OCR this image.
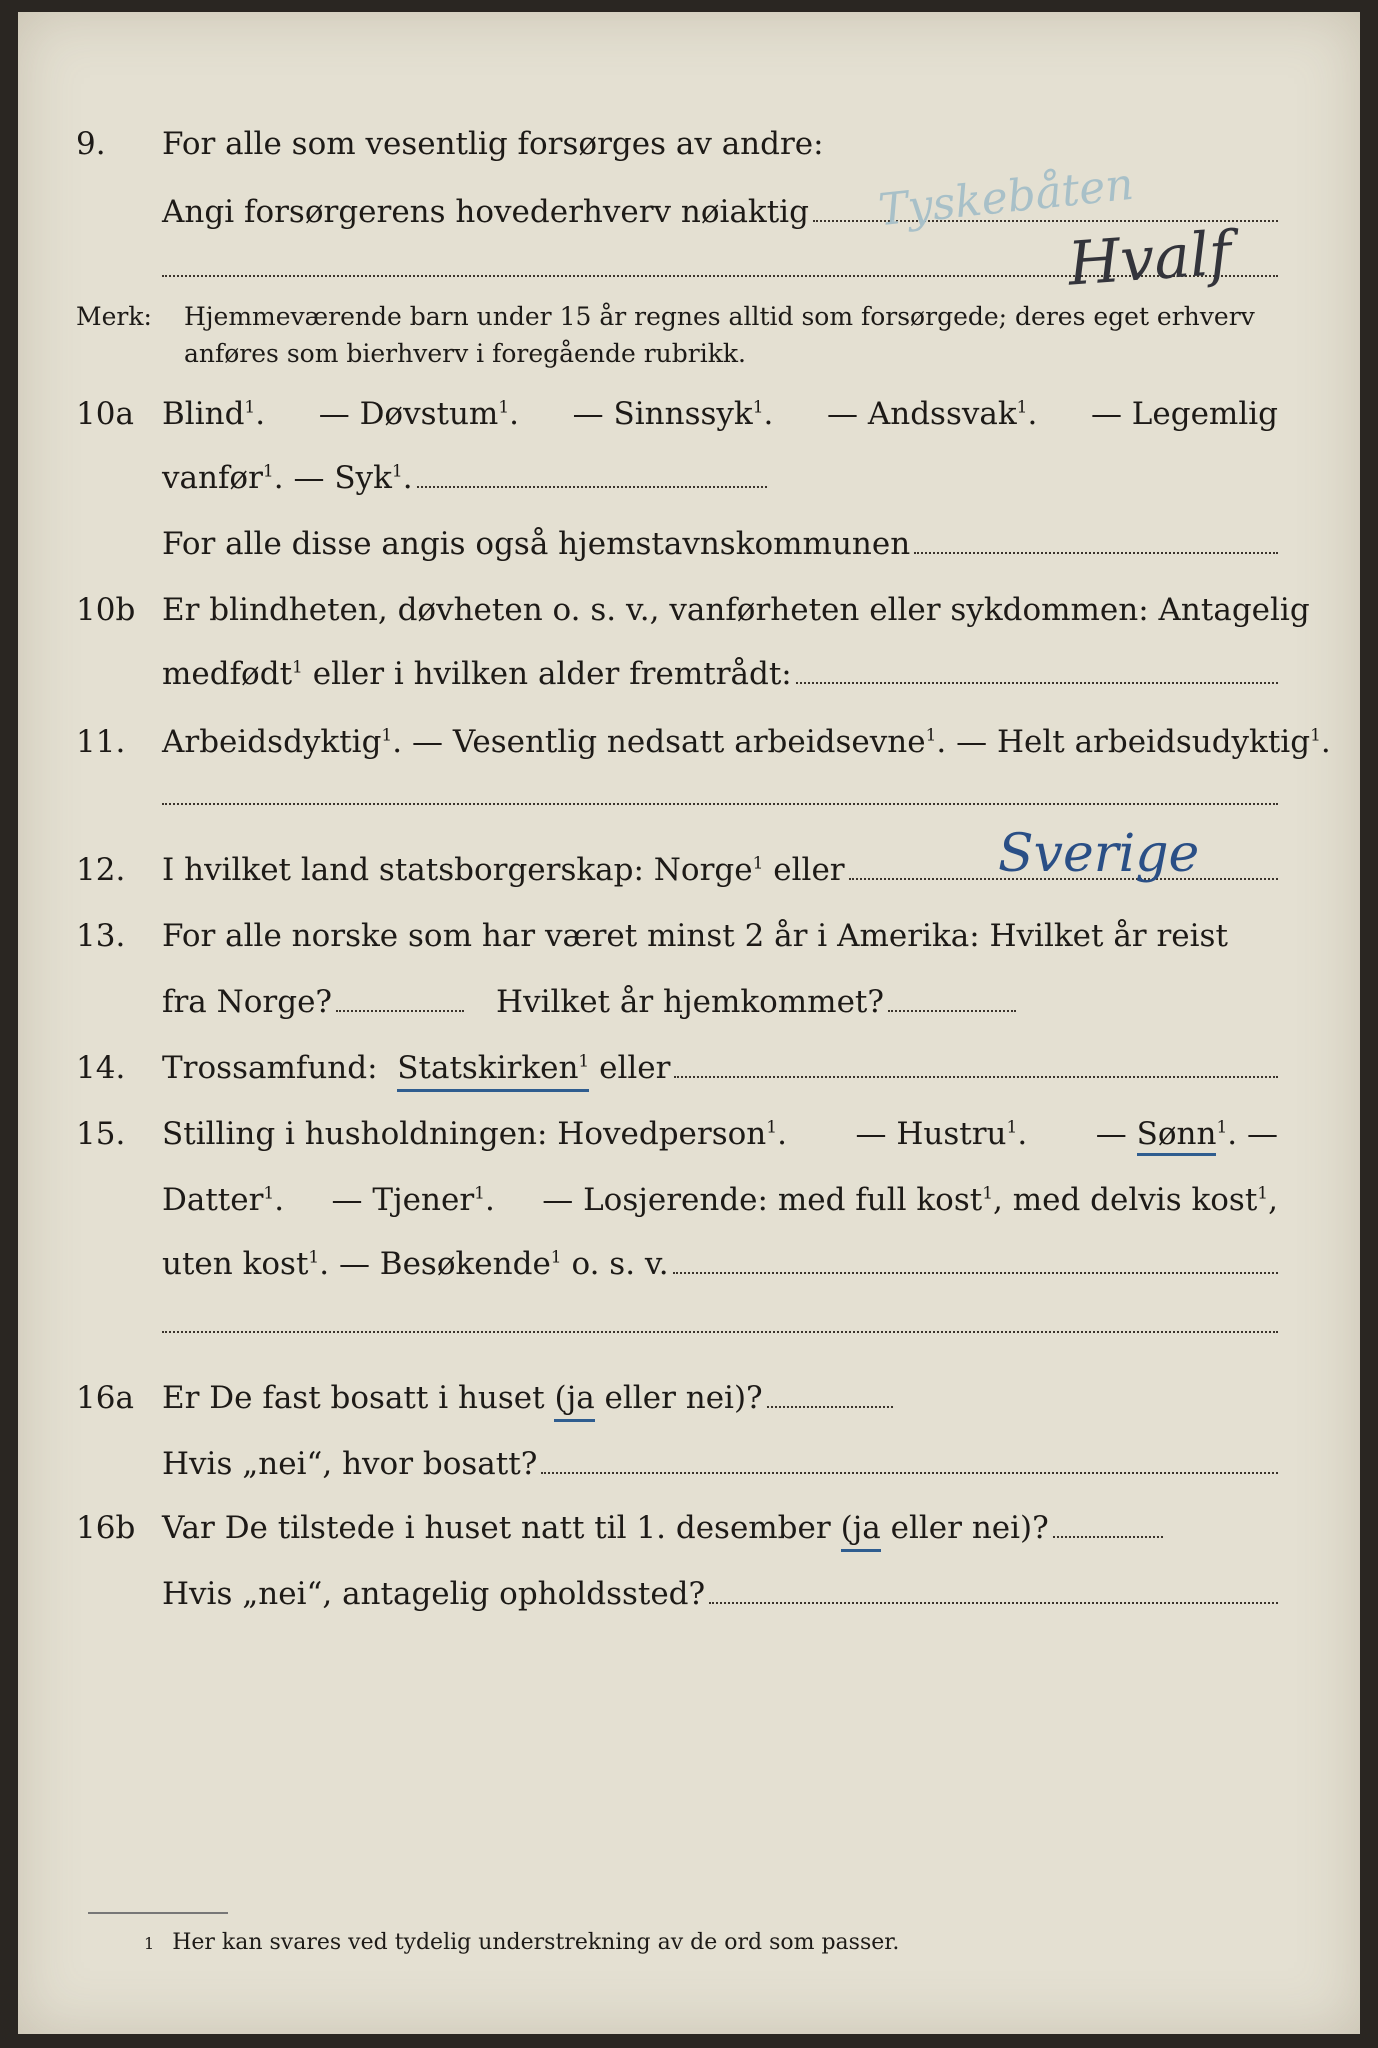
9. For alle som vesentlig forsørges av andre:
Angi forsørgerens hovederhverv nøiaktig Tyskebåten
Hvalf
Merk: Hjemmeværende barn under 15 år regnes alltid som forsørgede; deres eget erhverv
anføres som bierhverv i foregående rubrikk.
10a Blind$^1$. — Døvstum$^1$. — Sinnssyk$^1$. — Andssvak$^1$. — Legemlig
vanfør$^1$.
— Syk$^1$.
For alle disse angis også hjemstavnskommunen
10b Er blindheten, døvheten o. s. v., vanførheten eller sykdommen: Antagelig
medfødt$^1$
eller i hvilken alder fremtrådt:
11. Arbeidsdyktig$^1$.
— Vesentlig nedsatt arbeidsevne$^1$.
— Helt arbeidsudyktig$^1$.
12. I hvilket land statsborgerskap: Norge$^1$
eller	Sverige
13. For alle norske som har været minst 2 år i Amerika: Hvilket år reist
fra Norge?	Hvilket år hjemkommet?
14. Trossamfund:
Statskirken$^1$
eller
15. Stilling i husholdningen: Hovedperson$^1$. — Hustru$^1$. — Sønn$^1$. —
Datter$^1$. — Tjener$^1$. — Losjerende: med full kost$^1$, med delvis kost$^1$,
uten kost$^1$.
— Besøkende$^1$
o. s. v.
16a Er De fast bosatt i huset
(ja
eller nei)?
Hvis „nei“, hvor bosatt?
16b Var De tilstede i huset natt til 1. desember
(ja
eller nei)?
Hvis „nei“, antagelig opholdssted?
1 Her kan svares ved tydelig understrekning av de ord som passer.
